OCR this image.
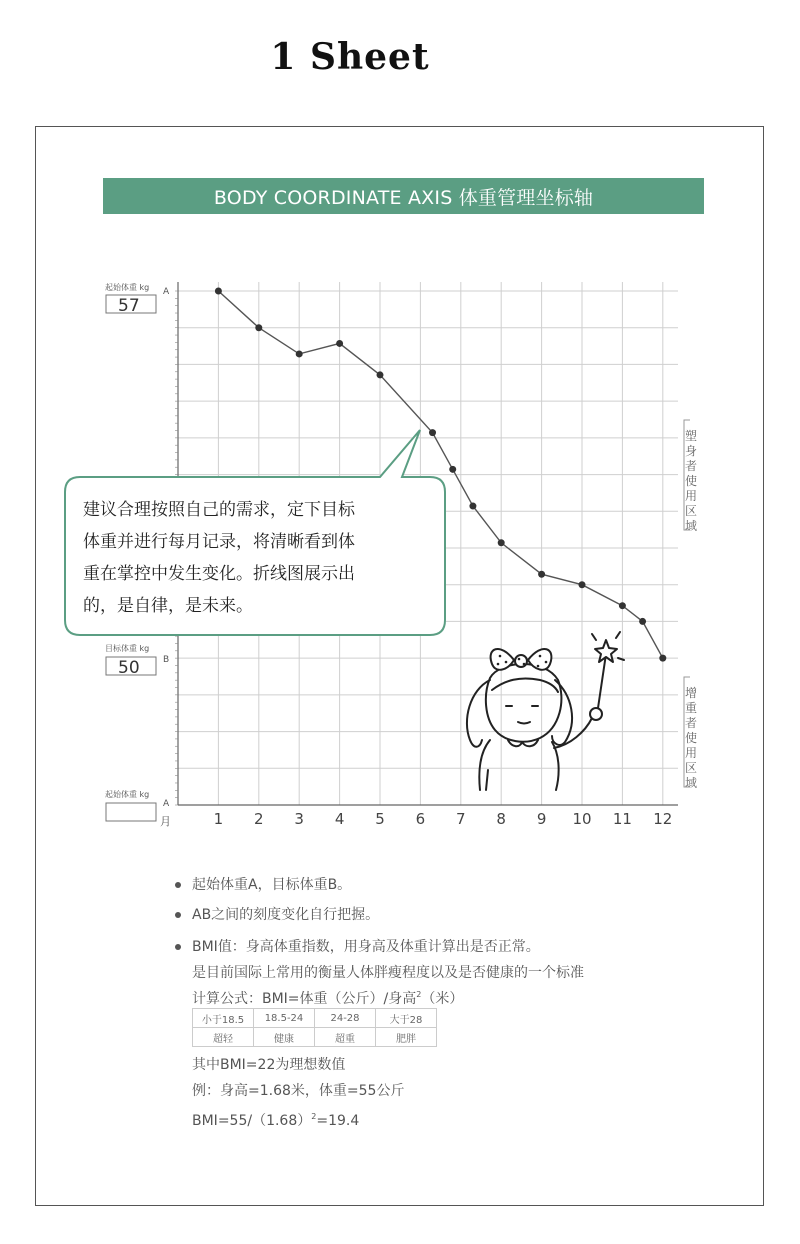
1 Sheet
BODY COORDINATE AXIS 体重管理坐标轴
1 2 3 4 5 6 7 8 9 10 11 12
起始体重 kg
57
目标体重 kg
50
起始体重 kg
A
B
A
月
塑
身
者
使
用
区
域
增
重
者
使
用
区
域
建议合理按照自己的需求，定下目标
体重并进行每月记录，将清晰看到体
重在掌控中发生变化。折线图展示出
的，是自律，是未来。
起始体重A，目标体重B。
AB之间的刻度变化自行把握。
BMI值：身高体重指数，用身高及体重计算出是否正常。
是目前国际上常用的衡量人体胖瘦程度以及是否健康的一个标准
计算公式：BMI=体重（公斤）/身高$^2$（米）
小于18.5	18.5-24	24-28	大于28
超轻	健康	超重	肥胖
其中BMI=22为理想数值
例：身高=1.68米，体重=55公斤
$BMI=55/(1.68)^2=19.4$
